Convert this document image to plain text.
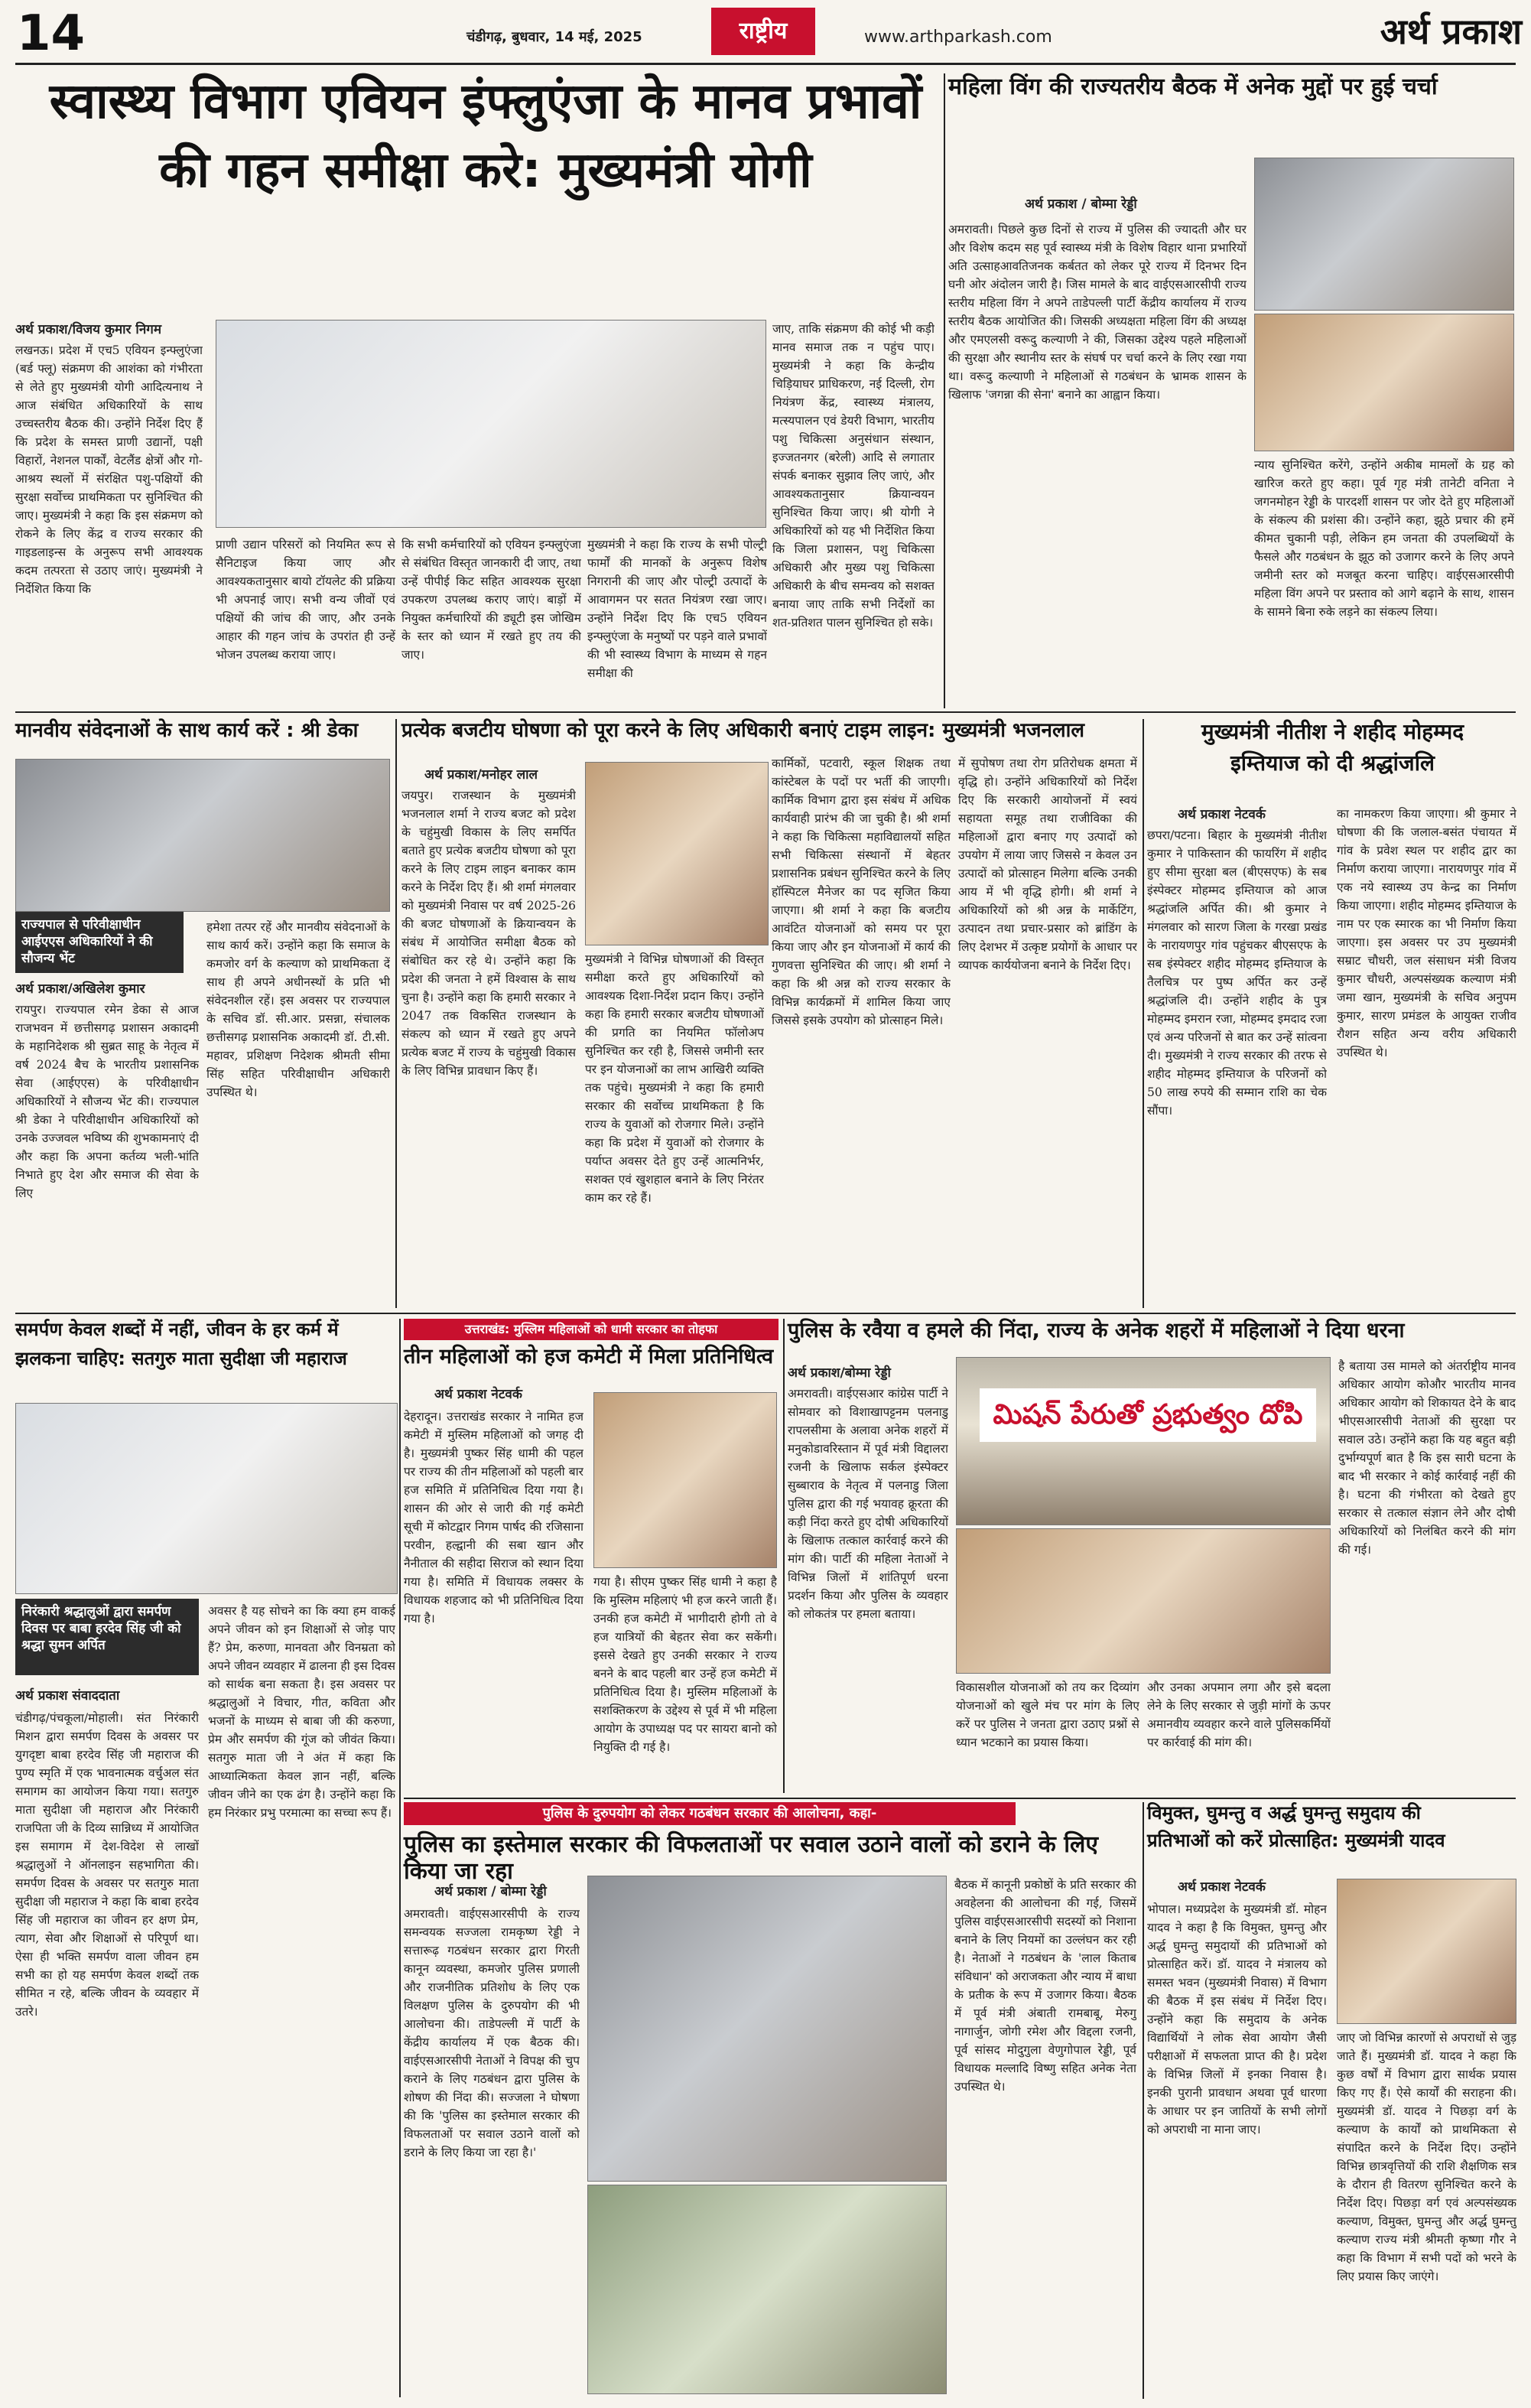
14	चंडीगढ़, बुधवार, 14 मई, 2025	राष्ट्रीय	www.arthparkash.com	अर्थ प्रकाश
स्वास्थ्य विभाग एवियन इंफ्लुएंजा के मानव प्रभावों
की गहन समीक्षा करे: मुख्यमंत्री योगी
अर्थ प्रकाश/विजय कुमार निगम
लखनऊ। प्रदेश में एच5 एवियन इन्फ्लुएंजा (बर्ड फ्लू) संक्रमण की आशंका को गंभीरता से लेते हुए मुख्यमंत्री योगी आदित्यनाथ ने आज संबंधित अधिकारियों के साथ उच्चस्तरीय बैठक की। उन्होंने निर्देश दिए हैं कि प्रदेश के समस्त प्राणी उद्यानों, पक्षी विहारों, नेशनल पार्कों, वेटलैंड क्षेत्रों और गो-आश्रय स्थलों में संरक्षित पशु-पक्षियों की सुरक्षा सर्वोच्च प्राथमिकता पर सुनिश्चित की जाए। मुख्यमंत्री ने कहा कि इस संक्रमण को रोकने के लिए केंद्र व राज्य सरकार की गाइडलाइन्स के अनुरूप सभी आवश्यक कदम तत्परता से उठाए जाएं। मुख्यमंत्री ने निर्देशित किया कि
प्राणी उद्यान परिसरों को नियमित रूप से सैनिटाइज किया जाए और आवश्यकतानुसार बायो टॉयलेट की प्रक्रिया भी अपनाई जाए। सभी वन्य जीवों एवं पक्षियों की जांच की जाए, और उनके आहार की गहन जांच के उपरांत ही उन्हें भोजन उपलब्ध कराया जाए।
कि सभी कर्मचारियों को एवियन इन्फ्लुएंजा से संबंधित विस्तृत जानकारी दी जाए, तथा उन्हें पीपीई किट सहित आवश्यक सुरक्षा उपकरण उपलब्ध कराए जाएं। बाड़ों में नियुक्त कर्मचारियों की ड्यूटी इस जोखिम के स्तर को ध्यान में रखते हुए तय की जाए।
मुख्यमंत्री ने कहा कि राज्य के सभी पोल्ट्री फार्मों की मानकों के अनुरूप विशेष निगरानी की जाए और पोल्ट्री उत्पादों के आवागमन पर सतत नियंत्रण रखा जाए। उन्होंने निर्देश दिए कि एच5 एवियन इन्फ्लुएंजा के मनुष्यों पर पड़ने वाले प्रभावों की भी स्वास्थ्य विभाग के माध्यम से गहन समीक्षा की
जाए, ताकि संक्रमण की कोई भी कड़ी मानव समाज तक न पहुंच पाए। मुख्यमंत्री ने कहा कि केन्द्रीय चिड़ियाघर प्राधिकरण, नई दिल्ली, रोग नियंत्रण केंद्र, स्वास्थ्य मंत्रालय, मत्स्यपालन एवं डेयरी विभाग, भारतीय पशु चिकित्सा अनुसंधान संस्थान, इज्जतनगर (बरेली) आदि से लगातार संपर्क बनाकर सुझाव लिए जाएं, और आवश्यकतानुसार क्रियान्वयन सुनिश्चित किया जाए। श्री योगी ने अधिकारियों को यह भी निर्देशित किया कि जिला प्रशासन, पशु चिकित्सा अधिकारी और मुख्य पशु चिकित्सा अधिकारी के बीच समन्वय को सशक्त बनाया जाए ताकि सभी निर्देशों का शत-प्रतिशत पालन सुनिश्चित हो सके।
महिला विंग की राज्यतरीय बैठक में अनेक मुद्दों पर हुई चर्चा
अर्थ प्रकाश / बोम्मा रेड्डी
अमरावती। पिछले कुछ दिनों से राज्य में पुलिस की ज्यादती और घर और विशेष कदम सह पूर्व स्वास्थ्य मंत्री के विशेष विहार थाना प्रभारियों अति उत्साहआवतिजनक कर्बतत को लेकर पूरे राज्य में दिनभर दिन घनी ओर अंदोलन जारी है। जिस मामले के बाद वाईएसआरसीपी राज्य स्तरीय महिला विंग ने अपने ताडेपल्ली पार्टी केंद्रीय कार्यालय में राज्य स्तरीय बैठक आयोजित की। जिसकी अध्यक्षता महिला विंग की अध्यक्ष और एमएलसी वरूदु कल्याणी ने की, जिसका उद्देश्य पहले महिलाओं की सुरक्षा और स्थानीय स्तर के संघर्ष पर चर्चा करने के लिए रखा गया था। वरूदु कल्याणी ने महिलाओं से गठबंधन के भ्रामक शासन के खिलाफ 'जगन्ना की सेना' बनाने का आह्वान किया।
न्याय सुनिश्चित करेंगे, उन्होंने अकीब मामलों के ग्रह को खारिज करते हुए कहा। पूर्व गृह मंत्री तानेटी वनिता ने जगनमोहन रेड्डी के पारदर्शी शासन पर जोर देते हुए महिलाओं के संकल्प की प्रशंसा की। उन्होंने कहा, झूठे प्रचार की हमें कीमत चुकानी पड़ी, लेकिन हम जनता की उपलब्धियों के फैसले और गठबंधन के झूठ को उजागर करने के लिए अपने जमीनी स्तर को मजबूत करना चाहिए। वाईएसआरसीपी महिला विंग अपने पर प्रस्ताव को आगे बढ़ाने के साथ, शासन के सामने बिना रुके लड़ने का संकल्प लिया।
मानवीय संवेदनाओं के साथ कार्य करें : श्री डेका
राज्यपाल से परिवीक्षाधीन आईएएस अधिकारियों ने की सौजन्य भेंट
अर्थ प्रकाश/अखिलेश कुमार
रायपुर। राज्यपाल रमेन डेका से आज राजभवन में छत्तीसगढ़ प्रशासन अकादमी के महानिदेशक श्री सुब्रत साहू के नेतृत्व में वर्ष 2024 बैच के भारतीय प्रशासनिक सेवा (आईएएस) के परिवीक्षाधीन अधिकारियों ने सौजन्य भेंट की। राज्यपाल श्री डेका ने परिवीक्षाधीन अधिकारियों को उनके उज्जवल भविष्य की शुभकामनाएं दी और कहा कि अपना कर्तव्य भली-भांति निभाते हुए देश और समाज की सेवा के लिए
हमेशा तत्पर रहें और मानवीय संवेदनाओं के साथ कार्य करें। उन्होंने कहा कि समाज के कमजोर वर्ग के कल्याण को प्राथमिकता दें साथ ही अपने अधीनस्थों के प्रति भी संवेदनशील रहें। इस अवसर पर राज्यपाल के सचिव डॉ. सी.आर. प्रसन्ना, संचालक छत्तीसगढ़ प्रशासनिक अकादमी डॉ. टी.सी. महावर, प्रशिक्षण निदेशक श्रीमती सीमा सिंह सहित परिवीक्षाधीन अधिकारी उपस्थित थे।
प्रत्येक बजटीय घोषणा को पूरा करने के लिए अधिकारी बनाएं टाइम लाइन: मुख्यमंत्री भजनलाल
अर्थ प्रकाश/मनोहर लाल
जयपुर। राजस्थान के मुख्यमंत्री भजनलाल शर्मा ने राज्य बजट को प्रदेश के चहुंमुखी विकास के लिए समर्पित बताते हुए प्रत्येक बजटीय घोषणा को पूरा करने के लिए टाइम लाइन बनाकर काम करने के निर्देश दिए हैं। श्री शर्मा मंगलवार को मुख्यमंत्री निवास पर वर्ष 2025-26 की बजट घोषणाओं के क्रियान्वयन के संबंध में आयोजित समीक्षा बैठक को संबोधित कर रहे थे। उन्होंने कहा कि प्रदेश की जनता ने हमें विश्वास के साथ चुना है। उन्होंने कहा कि हमारी सरकार ने 2047 तक विकसित राजस्थान के संकल्प को ध्यान में रखते हुए अपने प्रत्येक बजट में राज्य के चहुंमुखी विकास के लिए विभिन्न प्रावधान किए हैं।
मुख्यमंत्री ने विभिन्न घोषणाओं की विस्तृत समीक्षा करते हुए अधिकारियों को आवश्यक दिशा-निर्देश प्रदान किए। उन्होंने कहा कि हमारी सरकार बजटीय घोषणाओं की प्रगति का नियमित फॉलोअप सुनिश्चित कर रही है, जिससे जमीनी स्तर पर इन योजनाओं का लाभ आखिरी व्यक्ति तक पहुंचे। मुख्यमंत्री ने कहा कि हमारी सरकार की सर्वोच्च प्राथमिकता है कि राज्य के युवाओं को रोजगार मिले। उन्होंने कहा कि प्रदेश में युवाओं को रोजगार के पर्याप्त अवसर देते हुए उन्हें आत्मनिर्भर, सशक्त एवं खुशहाल बनाने के लिए निरंतर काम कर रहे हैं।
कार्मिकों, पटवारी, स्कूल शिक्षक तथा कांस्टेबल के पदों पर भर्ती की जाएगी। कार्मिक विभाग द्वारा इस संबंध में अधिक कार्यवाही प्रारंभ की जा चुकी है। श्री शर्मा ने कहा कि चिकित्सा महाविद्यालयों सहित सभी चिकित्सा संस्थानों में बेहतर प्रशासनिक प्रबंधन सुनिश्चित करने के लिए हॉस्पिटल मैनेजर का पद सृजित किया जाएगा। श्री शर्मा ने कहा कि बजटीय आवंटित योजनाओं को समय पर पूरा किया जाए और इन योजनाओं में कार्य की गुणवत्ता सुनिश्चित की जाए। श्री शर्मा ने कहा कि श्री अन्न को राज्य सरकार के विभिन्न कार्यक्रमों में शामिल किया जाए जिससे इसके उपयोग को प्रोत्साहन मिले।
में सुपोषण तथा रोग प्रतिरोधक क्षमता में वृद्धि हो। उन्होंने अधिकारियों को निर्देश दिए कि सरकारी आयोजनों में स्वयं सहायता समूह तथा राजीविका की महिलाओं द्वारा बनाए गए उत्पादों को उपयोग में लाया जाए जिससे न केवल उन उत्पादों को प्रोत्साहन मिलेगा बल्कि उनकी आय में भी वृद्धि होगी। श्री शर्मा ने अधिकारियों को श्री अन्न के मार्केटिंग, उत्पादन तथा प्रचार-प्रसार को ब्रांडिंग के लिए देशभर में उत्कृष्ट प्रयोगों के आधार पर व्यापक कार्ययोजना बनाने के निर्देश दिए।
मुख्यमंत्री नीतीश ने शहीद मोहम्मद
इम्तियाज को दी श्रद्धांजलि
अर्थ प्रकाश नेटवर्क
छपरा/पटना। बिहार के मुख्यमंत्री नीतीश कुमार ने पाकिस्तान की फायरिंग में शहीद हुए सीमा सुरक्षा बल (बीएसएफ) के सब इंस्पेक्टर मोहम्मद इम्तियाज को आज श्रद्धांजलि अर्पित की। श्री कुमार ने मंगलवार को सारण जिला के गरखा प्रखंड के नारायणपुर गांव पहुंचकर बीएसएफ के सब इंस्पेक्टर शहीद मोहम्मद इम्तियाज के तैलचित्र पर पुष्प अर्पित कर उन्हें श्रद्धांजलि दी। उन्होंने शहीद के पुत्र मोहम्मद इमरान रजा, मोहम्मद इमदाद रजा एवं अन्य परिजनों से बात कर उन्हें सांत्वना दी। मुख्यमंत्री ने राज्य सरकार की तरफ से शहीद मोहम्मद इम्तियाज के परिजनों को 50 लाख रुपये की सम्मान राशि का चेक सौंपा।
का नामकरण किया जाएगा। श्री कुमार ने घोषणा की कि जलाल-बसंत पंचायत में गांव के प्रवेश स्थल पर शहीद द्वार का निर्माण कराया जाएगा। नारायणपुर गांव में एक नये स्वास्थ्य उप केन्द्र का निर्माण किया जाएगा। शहीद मोहम्मद इम्तियाज के नाम पर एक स्मारक का भी निर्माण किया जाएगा। इस अवसर पर उप मुख्यमंत्री सम्राट चौधरी, जल संसाधन मंत्री विजय कुमार चौधरी, अल्पसंख्यक कल्याण मंत्री जमा खान, मुख्यमंत्री के सचिव अनुपम कुमार, सारण प्रमंडल के आयुक्त राजीव रौशन सहित अन्य वरीय अधिकारी उपस्थित थे।
समर्पण केवल शब्दों में नहीं, जीवन के हर कर्म में
झलकना चाहिए: सतगुरु माता सुदीक्षा जी महाराज
निरंकारी श्रद्धालुओं द्वारा समर्पण दिवस पर बाबा हरदेव सिंह जी को श्रद्धा सुमन अर्पित
अर्थ प्रकाश संवाददाता
चंडीगढ़/पंचकूला/मोहाली। संत निरंकारी मिशन द्वारा समर्पण दिवस के अवसर पर युगदृष्टा बाबा हरदेव सिंह जी महाराज की पुण्य स्मृति में एक भावनात्मक वर्चुअल संत समागम का आयोजन किया गया। सतगुरु माता सुदीक्षा जी महाराज और निरंकारी राजपिता जी के दिव्य सान्निध्य में आयोजित इस समागम में देश-विदेश से लाखों श्रद्धालुओं ने ऑनलाइन सहभागिता की। समर्पण दिवस के अवसर पर सतगुरु माता सुदीक्षा जी महाराज ने कहा कि बाबा हरदेव सिंह जी महाराज का जीवन हर क्षण प्रेम, त्याग, सेवा और शिक्षाओं से परिपूर्ण था। ऐसा ही भक्ति समर्पण वाला जीवन हम सभी का हो यह समर्पण केवल शब्दों तक सीमित न रहे, बल्कि जीवन के व्यवहार में उतरे।
अवसर है यह सोचने का कि क्या हम वाकई अपने जीवन को इन शिक्षाओं से जोड़ पाए हैं? प्रेम, करुणा, मानवता और विनम्रता को अपने जीवन व्यवहार में ढालना ही इस दिवस को सार्थक बना सकता है। इस अवसर पर श्रद्धालुओं ने विचार, गीत, कविता और भजनों के माध्यम से बाबा जी की करुणा, प्रेम और समर्पण की गूंज को जीवंत किया। सतगुरु माता जी ने अंत में कहा कि आध्यात्मिकता केवल ज्ञान नहीं, बल्कि जीवन जीने का एक ढंग है। उन्होंने कहा कि हम निरंकार प्रभु परमात्मा का सच्चा रूप हैं।
उत्तराखंड: मुस्लिम महिलाओं को धामी सरकार का तोहफा
तीन महिलाओं को हज कमेटी में मिला प्रतिनिधित्व
अर्थ प्रकाश नेटवर्क
देहरादून। उत्तराखंड सरकार ने नामित हज कमेटी में मुस्लिम महिलाओं को जगह दी है। मुख्यमंत्री पुष्कर सिंह धामी की पहल पर राज्य की तीन महिलाओं को पहली बार हज समिति में प्रतिनिधित्व दिया गया है। शासन की ओर से जारी की गई कमेटी सूची में कोटद्वार निगम पार्षद की रजिसाना परवीन, हल्द्वानी की सबा खान और नैनीताल की सहीदा सिराज को स्थान दिया गया है। समिति में विधायक लक्सर के विधायक शहजाद को भी प्रतिनिधित्व दिया गया है।
गया है। सीएम पुष्कर सिंह धामी ने कहा है कि मुस्लिम महिलाएं भी हज करने जाती हैं। उनकी हज कमेटी में भागीदारी होगी तो वे हज यात्रियों की बेहतर सेवा कर सकेंगी। इससे देखते हुए उनकी सरकार ने राज्य बनने के बाद पहली बार उन्हें हज कमेटी में प्रतिनिधित्व दिया है। मुस्लिम महिलाओं के सशक्तिकरण के उद्देश्य से पूर्व में भी महिला आयोग के उपाध्यक्ष पद पर सायरा बानो को नियुक्ति दी गई है।
पुलिस के रवैया व हमले की निंदा, राज्य के अनेक शहरों में महिलाओं ने दिया धरना
अर्थ प्रकाश/बोम्मा रेड्डी
अमरावती। वाईएसआर कांग्रेस पार्टी ने सोमवार को विशाखापट्टनम पलनाडु रापलसीमा के अलावा अनेक शहरों में मनुकोडावरिस्तान में पूर्व मंत्री विद्दालरा रजनी के खिलाफ सर्कल इंस्पेक्टर सुब्बाराव के नेतृत्व में पलनाडु जिला पुलिस द्वारा की गई भयावह क्रूरता की कड़ी निंदा करते हुए दोषी अधिकारियों के खिलाफ तत्काल कार्रवाई करने की मांग की। पार्टी की महिला नेताओं ने विभिन्न जिलों में शांतिपूर्ण धरना प्रदर्शन किया और पुलिस के व्यवहार को लोकतंत्र पर हमला बताया।
మిషన్ పేరుతో ప్రభుత్వం దోపి
विकासशील योजनाओं को तय कर दिव्यांग योजनाओं को खुले मंच पर मांग के लिए करें पर पुलिस ने जनता द्वारा उठाए प्रश्नों से ध्यान भटकाने का प्रयास किया।
और उनका अपमान लगा और इसे बदला लेने के लिए सरकार से जुड़ी मांगों के ऊपर अमानवीय व्यवहार करने वाले पुलिसकर्मियों पर कार्रवाई की मांग की।
है बताया उस मामले को अंतर्राष्ट्रीय मानव अधिकार आयोग कोऔर भारतीय मानव अधिकार आयोग को शिकायत देने के बाद भीएसआरसीपी नेताओं की सुरक्षा पर सवाल उठे। उन्होंने कहा कि यह बहुत बड़ी दुर्भाग्यपूर्ण बात है कि इस सारी घटना के बाद भी सरकार ने कोई कार्रवाई नहीं की है। घटना की गंभीरता को देखते हुए सरकार से तत्काल संज्ञान लेने और दोषी अधिकारियों को निलंबित करने की मांग की गई।
पुलिस के दुरुपयोग को लेकर गठबंधन सरकार की आलोचना, कहा-
पुलिस का इस्तेमाल सरकार की विफलताओं पर सवाल उठाने वालों को डराने के लिए किया जा रहा
अर्थ प्रकाश / बोम्मा रेड्डी
अमरावती। वाईएसआरसीपी के राज्य समन्वयक सज्जला रामकृष्ण रेड्डी ने सत्तारूढ़ गठबंधन सरकार द्वारा गिरती कानून व्यवस्था, कमजोर पुलिस प्रणाली और राजनीतिक प्रतिशोध के लिए एक विलक्षण पुलिस के दुरुपयोग की भी आलोचना की। ताडेपल्ली में पार्टी के केंद्रीय कार्यालय में एक बैठक की। वाईएसआरसीपी नेताओं ने विपक्ष की चुप कराने के लिए गठबंधन द्वारा पुलिस के शोषण की निंदा की। सज्जला ने घोषणा की कि 'पुलिस का इस्तेमाल सरकार की विफलताओं पर सवाल उठाने वालों को डराने के लिए किया जा रहा है।'
बैठक में कानूनी प्रकोष्ठों के प्रति सरकार की अवहेलना की आलोचना की गई, जिसमें पुलिस वाईएसआरसीपी सदस्यों को निशाना बनाने के लिए नियमों का उल्लंघन कर रही है। नेताओं ने गठबंधन के 'लाल किताब संविधान' को अराजकता और न्याय में बाधा के प्रतीक के रूप में उजागर किया। बैठक में पूर्व मंत्री अंबाती रामबाबू, मेरुगु नागार्जुन, जोगी रमेश और विद्दला रजनी, पूर्व सांसद मोदुगुला वेणुगोपाल रेड्डी, पूर्व विधायक मल्लादि विष्णु सहित अनेक नेता उपस्थित थे।
विमुक्त, घुमन्तु व अर्द्ध घुमन्तु समुदाय की
प्रतिभाओं को करें प्रोत्साहित: मुख्यमंत्री यादव
अर्थ प्रकाश नेटवर्क
भोपाल। मध्यप्रदेश के मुख्यमंत्री डॉ. मोहन यादव ने कहा है कि विमुक्त, घुमन्तु और अर्द्ध घुमन्तु समुदायों की प्रतिभाओं को प्रोत्साहित करें। डॉ. यादव ने मंत्रालय को समस्त भवन (मुख्यमंत्री निवास) में विभाग की बैठक में इस संबंध में निर्देश दिए। उन्होंने कहा कि समुदाय के अनेक विद्यार्थियों ने लोक सेवा आयोग जैसी परीक्षाओं में सफलता प्राप्त की है। प्रदेश के विभिन्न जिलों में इनका निवास है। इनकी पुरानी प्रावधान अथवा पूर्व धारणा के आधार पर इन जातियों के सभी लोगों को अपराधी ना माना जाए।
जाए जो विभिन्न कारणों से अपराधों से जुड़ जाते हैं। मुख्यमंत्री डॉ. यादव ने कहा कि कुछ वर्षों में विभाग द्वारा सार्थक प्रयास किए गए हैं। ऐसे कार्यों की सराहना की। मुख्यमंत्री डॉ. यादव ने पिछड़ा वर्ग के कल्याण के कार्यों को प्राथमिकता से संपादित करने के निर्देश दिए। उन्होंने विभिन्न छात्रवृत्तियों की राशि शैक्षणिक सत्र के दौरान ही वितरण सुनिश्चित करने के निर्देश दिए। पिछड़ा वर्ग एवं अल्पसंख्यक कल्याण, विमुक्त, घुमन्तु और अर्द्ध घुमन्तु कल्याण राज्य मंत्री श्रीमती कृष्णा गौर ने कहा कि विभाग में सभी पदों को भरने के लिए प्रयास किए जाएंगे।
